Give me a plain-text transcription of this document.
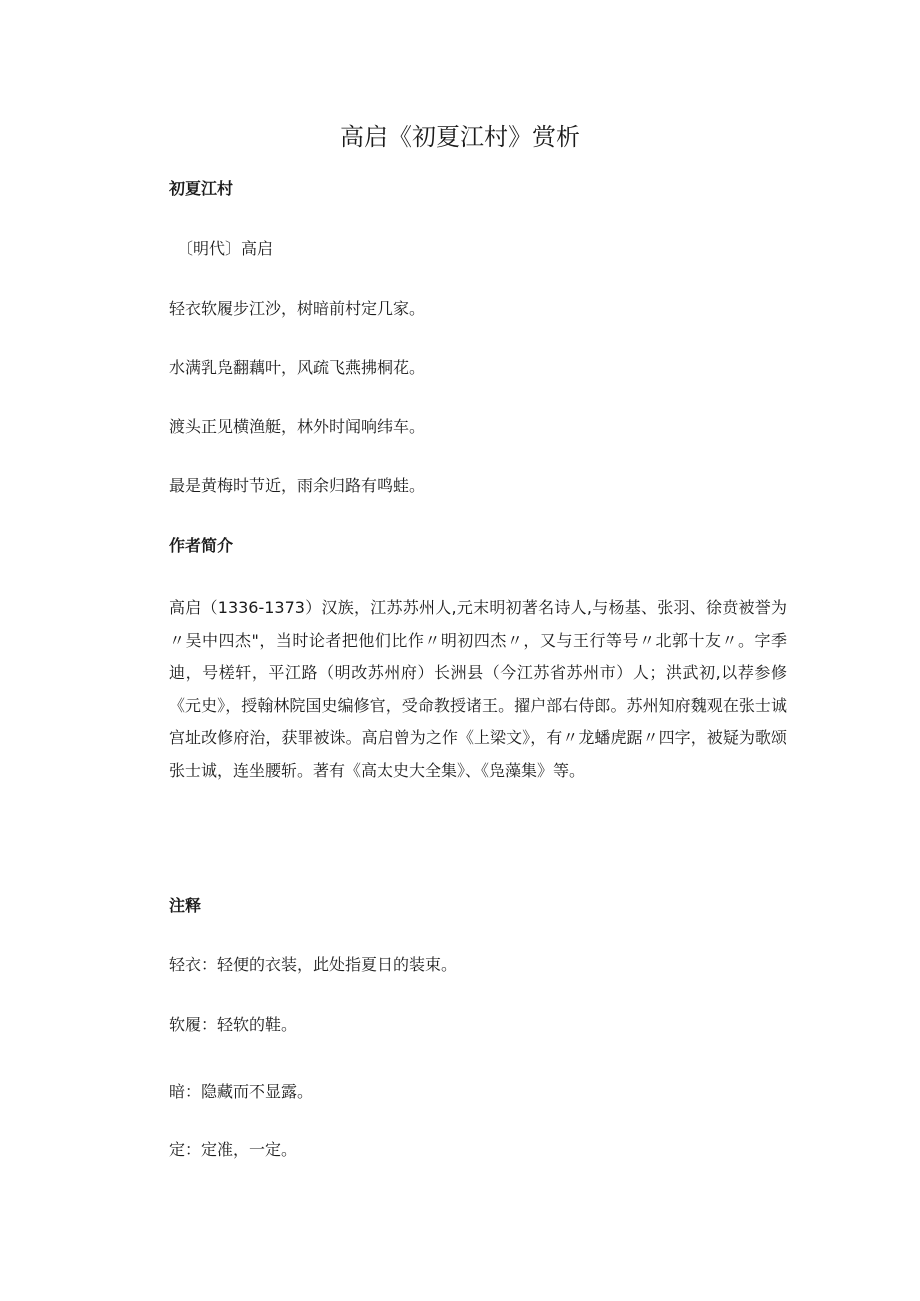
高启《初夏江村》赏析
初夏江村

〔明代〕高启

轻衣软履步江沙，树暗前村定几家。

水满乳凫翻藕叶，风疏飞燕拂桐花。

渡头正见横渔艇，林外时闻响纬车。

最是黄梅时节近，雨余归路有鸣蛙。

作者简介

高启（1336-1373）汉族，江苏苏州人,元末明初著名诗人,与杨基、张羽、徐贲被誉为〃吴中四杰"，当时论者把他们比作〃明初四杰〃，又与王行等号〃北郭十友〃。字季迪，号槎轩，平江路（明改苏州府）长洲县（今江苏省苏州市）人；洪武初,以荐参修《元史》，授翰林院国史编修官，受命教授诸王。擢户部右侍郎。苏州知府魏观在张士诚宫址改修府治，获罪被诛。高启曾为之作《上梁文》，有〃龙蟠虎踞〃四字，被疑为歌颂张士诚，连坐腰斩。著有《高太史大全集》、《凫藻集》等。

注释

轻衣：轻便的衣装，此处指夏日的装束。

软履：轻软的鞋。

暗：隐藏而不显露。

定：定准，一定。
